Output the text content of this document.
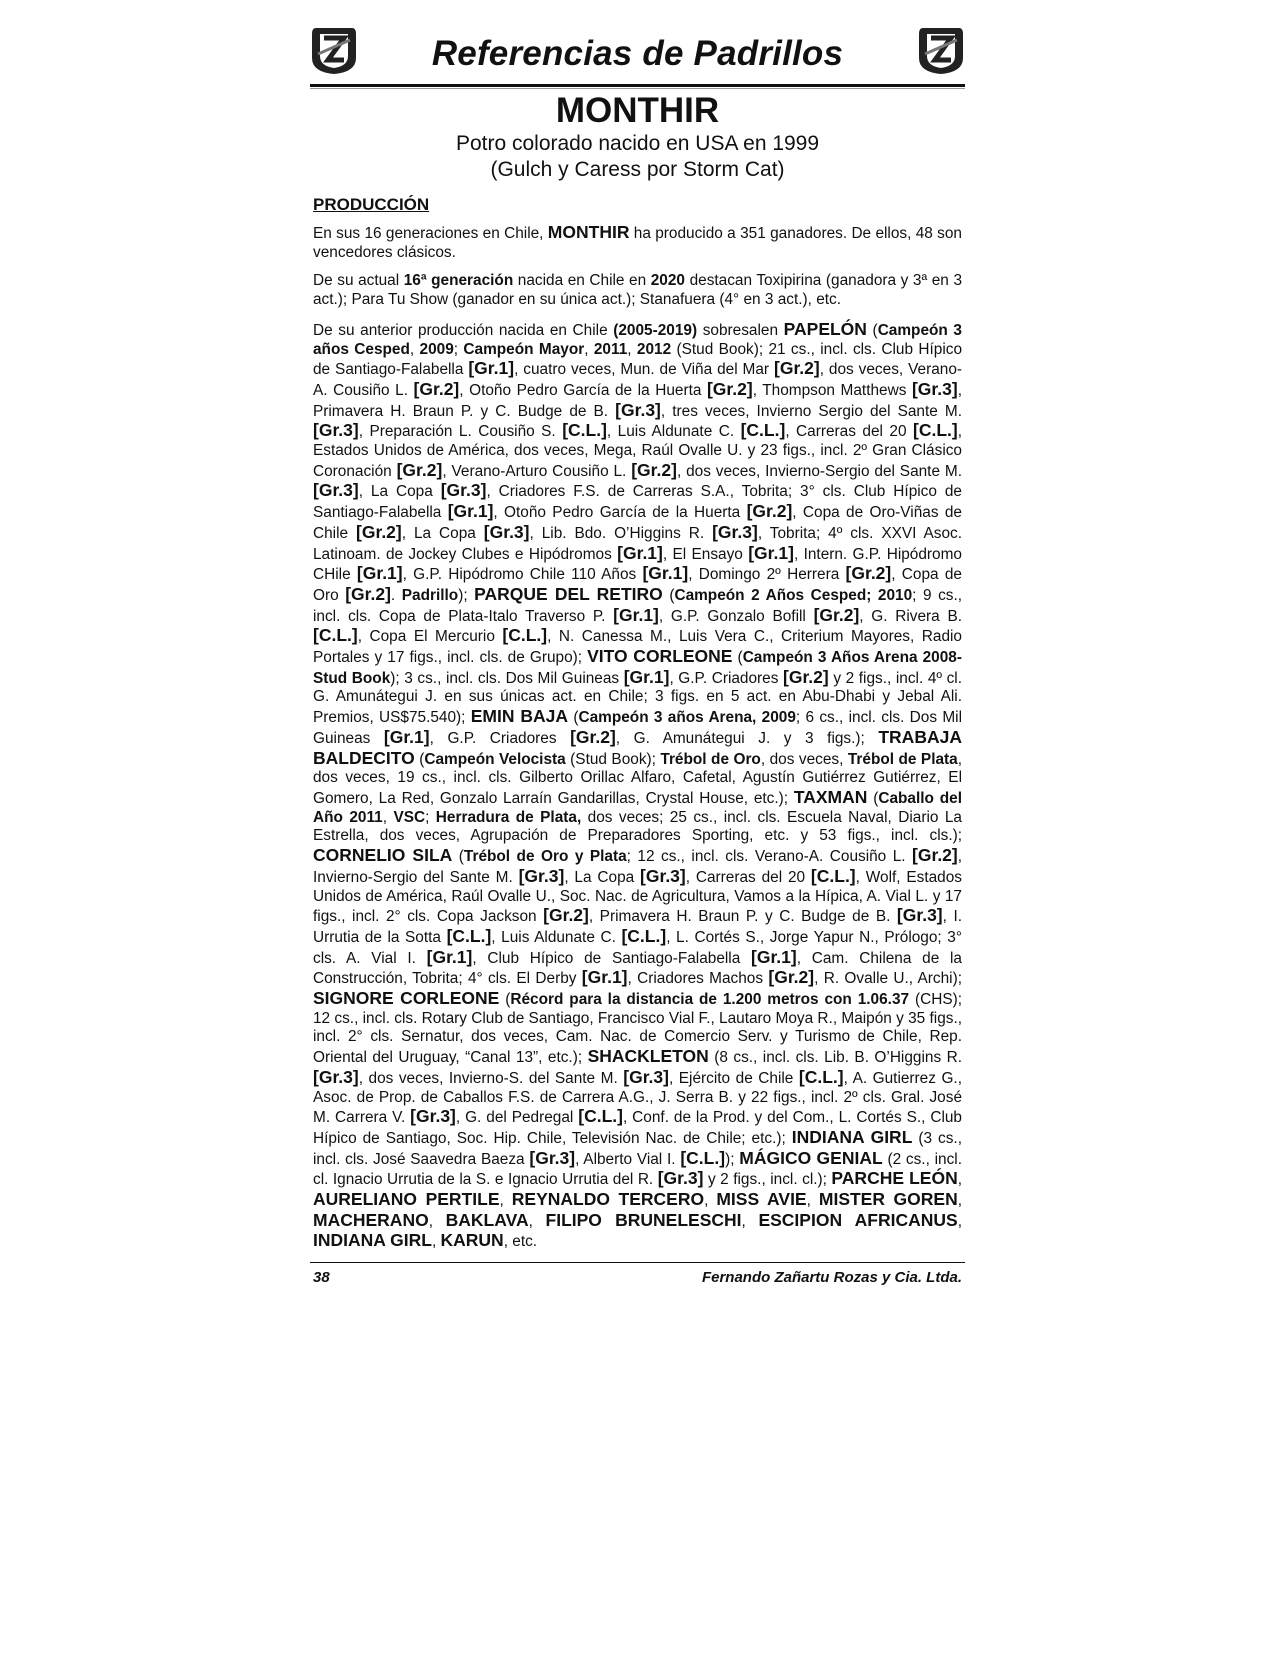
Referencias de Padrillos
MONTHIR
Potro colorado nacido en USA en 1999
(Gulch y Caress por Storm Cat)
PRODUCCIÓN

En sus 16 generaciones en Chile, MONTHIR ha producido a 351 ganadores. De ellos, 48 son vencedores clásicos.

De su actual 16ª generación nacida en Chile en 2020 destacan Toxipirina (ganadora y 3ª en 3 act.); Para Tu Show (ganador en su única act.); Stanafuera (4° en 3 act.), etc.

De su anterior producción nacida en Chile (2005-2019) sobresalen PAPELÓN (Campeón 3 años Cesped, 2009; Campeón Mayor, 2011, 2012 (Stud Book); 21 cs., incl. cls. Club Hípico de Santiago-Falabella [Gr.1], cuatro veces, Mun. de Viña del Mar [Gr.2], dos veces, Verano-A. Cousiño L. [Gr.2], Otoño Pedro García de la Huerta [Gr.2], Thompson Matthews [Gr.3], Primavera H. Braun P. y C. Budge de B. [Gr.3], tres veces, Invierno Sergio del Sante M. [Gr.3], Preparación L. Cousiño S. [C.L.], Luis Aldunate C. [C.L.], Carreras del 20 [C.L.], Estados Unidos de América, dos veces, Mega, Raúl Ovalle U. y 23 figs., incl. 2º Gran Clásico Coronación [Gr.2], Verano-Arturo Cousiño L. [Gr.2], dos veces, Invierno-Sergio del Sante M. [Gr.3], La Copa [Gr.3], Criadores F.S. de Carreras S.A., Tobrita; 3° cls. Club Hípico de Santiago-Falabella [Gr.1], Otoño Pedro García de la Huerta [Gr.2], Copa de Oro-Viñas de Chile [Gr.2], La Copa [Gr.3], Lib. Bdo. O’Higgins R. [Gr.3], Tobrita; 4º cls. XXVI Asoc. Latinoam. de Jockey Clubes e Hipódromos [Gr.1], El Ensayo [Gr.1], Intern. G.P. Hipódromo CHile [Gr.1], G.P. Hipódromo Chile 110 Años [Gr.1], Domingo 2º Herrera [Gr.2], Copa de Oro [Gr.2]. Padrillo); PARQUE DEL RETIRO (Campeón 2 Años Cesped; 2010; 9 cs., incl. cls. Copa de Plata-Italo Traverso P. [Gr.1], G.P. Gonzalo Bofill [Gr.2], G. Rivera B. [C.L.], Copa El Mercurio [C.L.], N. Canessa M., Luis Vera C., Criterium Mayores, Radio Portales y 17 figs., incl. cls. de Grupo); VITO CORLEONE (Campeón 3 Años Arena 2008-Stud Book); 3 cs., incl. cls. Dos Mil Guineas [Gr.1], G.P. Criadores [Gr.2] y 2 figs., incl. 4º cl. G. Amunátegui J. en sus únicas act. en Chile; 3 figs. en 5 act. en Abu-Dhabi y Jebal Ali. Premios, US$75.540); EMIN BAJA (Campeón 3 años Arena, 2009; 6 cs., incl. cls. Dos Mil Guineas [Gr.1], G.P. Criadores [Gr.2], G. Amunátegui J. y 3 figs.); TRABAJA BALDECITO (Campeón Velocista (Stud Book); Trébol de Oro, dos veces, Trébol de Plata, dos veces, 19 cs., incl. cls. Gilberto Orillac Alfaro, Cafetal, Agustín Gutiérrez Gutiérrez, El Gomero, La Red, Gonzalo Larraín Gandarillas, Crystal House, etc.); TAXMAN (Caballo del Año 2011, VSC; Herradura de Plata, dos veces; 25 cs., incl. cls. Escuela Naval, Diario La Estrella, dos veces, Agrupación de Preparadores Sporting, etc. y 53 figs., incl. cls.); CORNELIO SILA (Trébol de Oro y Plata; 12 cs., incl. cls. Verano-A. Cousiño L. [Gr.2], Invierno-Sergio del Sante M. [Gr.3], La Copa [Gr.3], Carreras del 20 [C.L.], Wolf, Estados Unidos de América, Raúl Ovalle U., Soc. Nac. de Agricultura, Vamos a la Hípica, A. Vial L. y 17 figs., incl. 2° cls. Copa Jackson [Gr.2], Primavera H. Braun P. y C. Budge de B. [Gr.3], I. Urrutia de la Sotta [C.L.], Luis Aldunate C. [C.L.], L. Cortés S., Jorge Yapur N., Prólogo; 3° cls. A. Vial I. [Gr.1], Club Hípico de Santiago-Falabella [Gr.1], Cam. Chilena de la Construcción, Tobrita; 4° cls. El Derby [Gr.1], Criadores Machos [Gr.2], R. Ovalle U., Archi); SIGNORE CORLEONE (Récord para la distancia de 1.200 metros con 1.06.37 (CHS); 12 cs., incl. cls. Rotary Club de Santiago, Francisco Vial F., Lautaro Moya R., Maipón y 35 figs., incl. 2° cls. Sernatur, dos veces, Cam. Nac. de Comercio Serv. y Turismo de Chile, Rep. Oriental del Uruguay, “Canal 13”, etc.); SHACKLETON (8 cs., incl. cls. Lib. B. O’Higgins R. [Gr.3], dos veces, Invierno-S. del Sante M. [Gr.3], Ejército de Chile [C.L.], A. Gutierrez G., Asoc. de Prop. de Caballos F.S. de Carrera A.G., J. Serra B. y 22 figs., incl. 2º cls. Gral. José M. Carrera V. [Gr.3], G. del Pedregal [C.L.], Conf. de la Prod. y del Com., L. Cortés S., Club Hípico de Santiago, Soc. Hip. Chile, Televisión Nac. de Chile; etc.); INDIANA GIRL (3 cs., incl. cls. José Saavedra Baeza [Gr.3], Alberto Vial I. [C.L.]); MÁGICO GENIAL (2 cs., incl. cl. Ignacio Urrutia de la S. e Ignacio Urrutia del R. [Gr.3] y 2 figs., incl. cl.); PARCHE LEÓN, AURELIANO PERTILE, REYNALDO TERCERO, MISS AVIE, MISTER GOREN, MACHERANO, BAKLAVA, FILIPO BRUNELESCHI, ESCIPION AFRICANUS, INDIANA GIRL, KARUN, etc.

38	Fernando Zañartu Rozas y Cia. Ltda.
